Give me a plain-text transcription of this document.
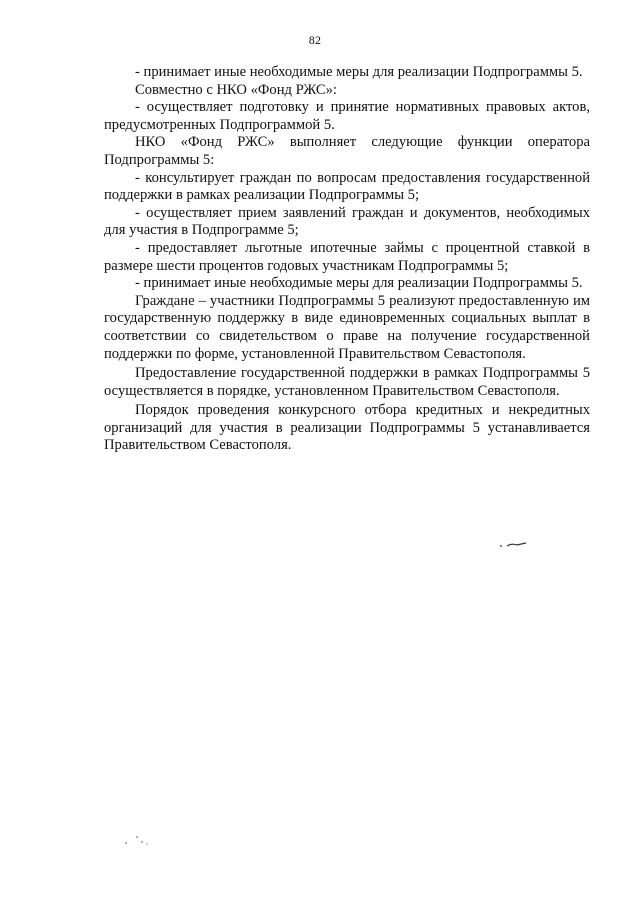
82

- принимает иные необходимые меры для реализации Подпрограммы 5.

Совместно с НКО «Фонд РЖС»:

- осуществляет подготовку и принятие нормативных правовых актов, предусмотренных Подпрограммой 5.

НКО «Фонд РЖС» выполняет следующие функции оператора Подпрограммы 5:

- консультирует граждан по вопросам предоставления государственной поддержки в рамках реализации Подпрограммы 5;

- осуществляет прием заявлений граждан и документов, необходимых для участия в Подпрограмме 5;

- предоставляет льготные ипотечные займы с процентной ставкой в размере шести процентов годовых участникам Подпрограммы 5;

- принимает иные необходимые меры для реализации Подпрограммы 5.

Граждане – участники Подпрограммы 5 реализуют предоставленную им государственную поддержку в виде единовременных социальных выплат в соответствии со свидетельством о праве на получение государственной поддержки по форме, установленной Правительством Севастополя.

Предоставление государственной поддержки в рамках Подпрограммы 5 осуществляется в порядке, установленном Правительством Севастополя.

Порядок проведения конкурсного отбора кредитных и некредитных организаций для участия в реализации Подпрограммы 5 устанавливается Правительством Севастополя.
